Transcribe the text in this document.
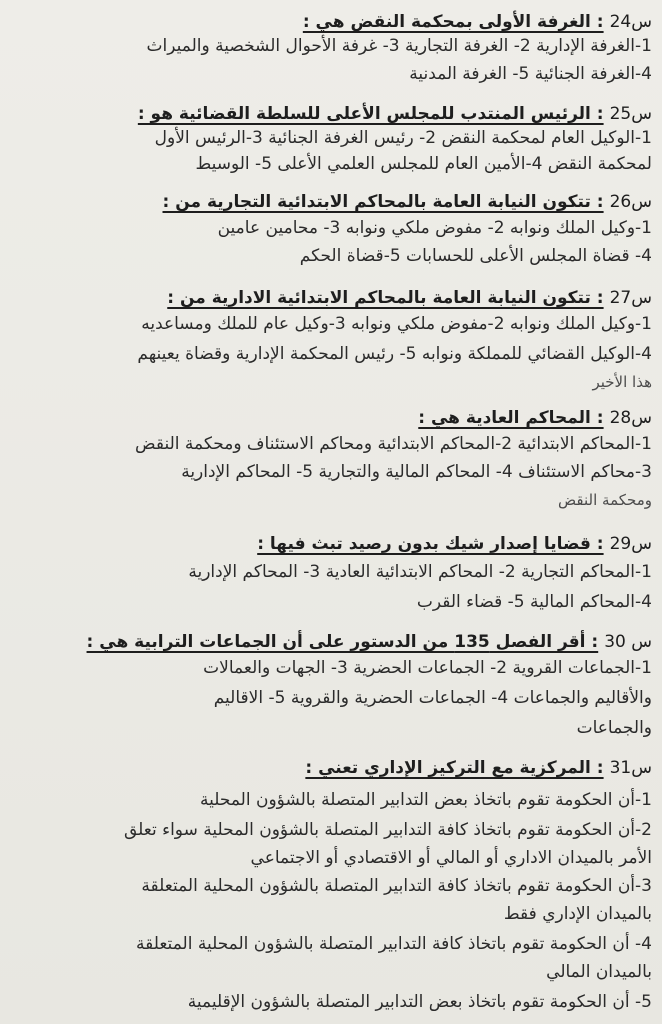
س24: الغرفة الأولى بمحكمة النقض هي :
1-الغرفة الإدارية 2- الغرفة التجارية 3- غرفة الأحوال الشخصية والميراث
4-الغرفة الجنائية 5- الغرفة المدنية
س25: الرئيس المنتدب للمجلس الأعلى للسلطة القضائية هو :
1-الوكيل العام لمحكمة النقض 2- رئيس الغرفة الجنائية 3-الرئيس الأول
لمحكمة النقض 4-الأمين العام للمجلس العلمي الأعلى 5- الوسيط
س26: تتكون النيابة العامة بالمحاكم الابتدائية التجارية من :
1-وكيل الملك ونوابه 2- مفوض ملكي ونوابه 3- محامين عامين
4- قضاة المجلس الأعلى للحسابات 5-قضاة الحكم
س27: تتكون النيابة العامة بالمحاكم الابتدائية الادارية من :
1-وكيل الملك ونوابه 2-مفوض ملكي ونوابه 3-وكيل عام للملك ومساعديه
4-الوكيل القضائي للمملكة ونوابه 5- رئيس المحكمة الإدارية وقضاة يعينهم
هذا الأخير
س28: المحاكم العادية هي :
1-المحاكم الابتدائية 2-المحاكم الابتدائية ومحاكم الاستئناف ومحكمة النقض
3-محاكم الاستئناف 4- المحاكم المالية والتجارية 5- المحاكم الإدارية
ومحكمة النقض
س29: قضايا إصدار شيك بدون رصيد تبث فيها :
1-المحاكم التجارية 2- المحاكم الابتدائية العادية 3- المحاكم الإدارية
4-المحاكم المالية 5- قضاء القرب
س 30: أقر الفصل 135 من الدستور على أن الجماعات الترابية هي :
1-الجماعات القروية 2- الجماعات الحضرية 3- الجهات والعمالات
والأقاليم والجماعات 4- الجماعات الحضرية والقروية 5- الاقاليم
والجماعات
س31: المركزية مع التركيز الإداري تعني :
1-أن الحكومة تقوم باتخاذ بعض التدابير المتصلة بالشؤون المحلية
2-أن الحكومة تقوم باتخاذ كافة التدابير المتصلة بالشؤون المحلية سواء تعلق
الأمر بالميدان الاداري أو المالي أو الاقتصادي أو الاجتماعي
3-أن الحكومة تقوم باتخاذ كافة التدابير المتصلة بالشؤون المحلية المتعلقة
بالميدان الإداري فقط
4- أن الحكومة تقوم باتخاذ كافة التدابير المتصلة بالشؤون المحلية المتعلقة
بالميدان المالي
5- أن الحكومة تقوم باتخاذ بعض التدابير المتصلة بالشؤون الإقليمية
